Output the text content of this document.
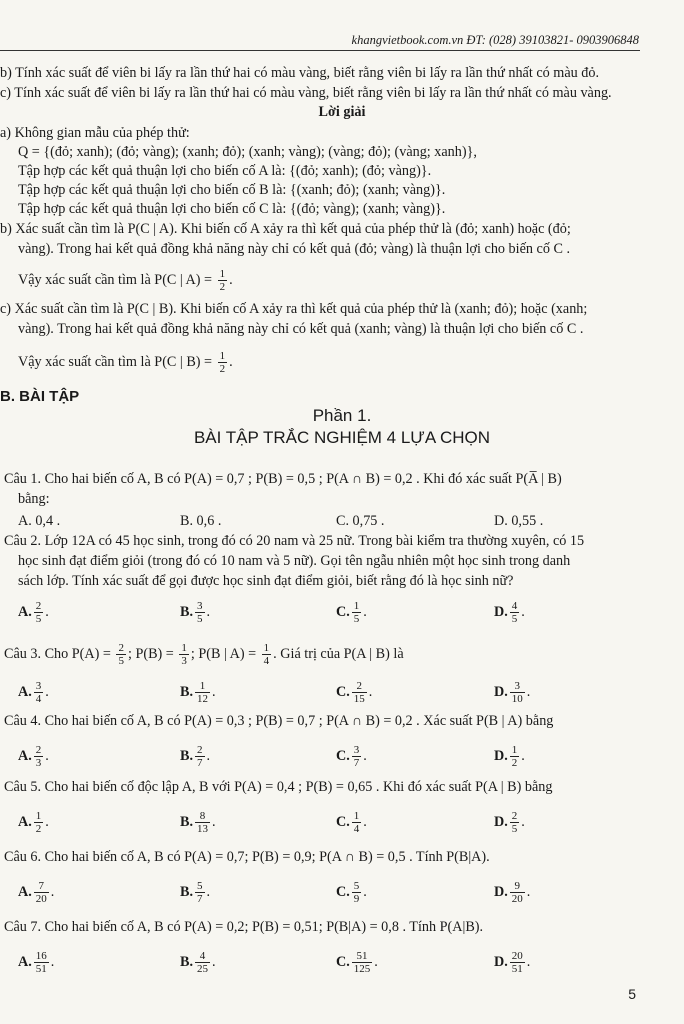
khangvietbook.com.vn ĐT: (028) 39103821- 0903906848
b) Tính xác suất để viên bi lấy ra lần thứ hai có màu vàng, biết rằng viên bi lấy ra lần thứ nhất có màu đỏ.
c) Tính xác suất để viên bi lấy ra lần thứ hai có màu vàng, biết rằng viên bi lấy ra lần thứ nhất có màu vàng.
Lời giải
a) Không gian mẫu của phép thử:
Q = {(đỏ; xanh); (đỏ; vàng); (xanh; đỏ); (xanh; vàng); (vàng; đỏ); (vàng; xanh)},
Tập hợp các kết quả thuận lợi cho biến cố A là: {(đỏ; xanh); (đỏ; vàng)}.
Tập hợp các kết quả thuận lợi cho biến cố B là: {(xanh; đỏ); (xanh; vàng)}.
Tập hợp các kết quả thuận lợi cho biến cố C là: {(đỏ; vàng); (xanh; vàng)}.
b) Xác suất cần tìm là P(C | A). Khi biến cố A xảy ra thì kết quả của phép thử là (đỏ; xanh) hoặc (đỏ;
vàng). Trong hai kết quả đồng khả năng này chỉ có kết quả (đỏ; vàng) là thuận lợi cho biến cố C .
Vậy xác suất cần tìm là P(C | $A) = \frac{1}{2}$ .
c) Xác suất cần tìm là P(C | B). Khi biến cố A xảy ra thì kết quả của phép thử là (xanh; đỏ); hoặc (xanh;
vàng). Trong hai kết quả đồng khả năng này chỉ có kết quả (xanh; vàng) là thuận lợi cho biến cố C .
Vậy xác suất cần tìm là P(C | $B) = \frac{1}{2}$ .
B. BÀI TẬP
Phần 1.
BÀI TẬP TRẮC NGHIỆM 4 LỰA CHỌN
Câu 1. Cho hai biến cố A, B có P(A) = 0,7 ; P(B) = 0,5 ; P(A ∩ B) = 0,2 . Khi đó xác suất P(A̅ | B)
bằng:
A. 0,4 .	B. 0,6 .	C. 0,75 .	D. 0,55 .
Câu 2. Lớp 12A có 45 học sinh, trong đó có 20 nam và 25 nữ. Trong bài kiểm tra thường xuyên, có 15
học sinh đạt điểm giỏi (trong đó có 10 nam và 5 nữ). Gọi tên ngẫu nhiên một học sinh trong danh
sách lớp. Tính xác suất để gọi được học sinh đạt điểm giỏi, biết rằng đó là học sinh nữ?
A. $\frac{2}{5}$ .	B. $\frac{3}{5}$ .	C. $\frac{1}{5}$ .	D. $\frac{4}{5}$ .
Câu 3. Cho $P(A) = \frac{2}{5}$ ; $P(B) = \frac{1}{3}$ ; P(B | $A) = \frac{1}{4}$ . Giá trị của P(A | B) là
A. $\frac{3}{4}$ .	B. $\frac{1}{12}$ .	C. $\frac{2}{15}$ .	D. $\frac{3}{10}$ .
Câu 4. Cho hai biến cố A, B có P(A) = 0,3 ; P(B) = 0,7 ; P(A ∩ B) = 0,2 . Xác suất P(B | A) bằng
A. $\frac{2}{3}$ .	B. $\frac{2}{7}$ .	C. $\frac{3}{7}$ .	D. $\frac{1}{2}$ .
Câu 5. Cho hai biến cố độc lập A, B với P(A) = 0,4 ; P(B) = 0,65 . Khi đó xác suất P(A | B) bằng
A. $\frac{1}{2}$ .	B. $\frac{8}{13}$ .	C. $\frac{1}{4}$ .	D. $\frac{2}{5}$ .
Câu 6. Cho hai biến cố A, B có P(A) = 0,7; P(B) = 0,9; P(A ∩ B) = 0,5 . Tính P(B|A).
A. $\frac{7}{20}$ .	B. $\frac{5}{7}$ .	C. $\frac{5}{9}$ .	D. $\frac{9}{20}$ .
Câu 7. Cho hai biến cố A, B có P(A) = 0,2; P(B) = 0,51; P(B|A) = 0,8 . Tính P(A|B).
A. $\frac{16}{51}$ .	B. $\frac{4}{25}$ .	C. $\frac{51}{125}$ .	D. $\frac{20}{51}$ .
5
